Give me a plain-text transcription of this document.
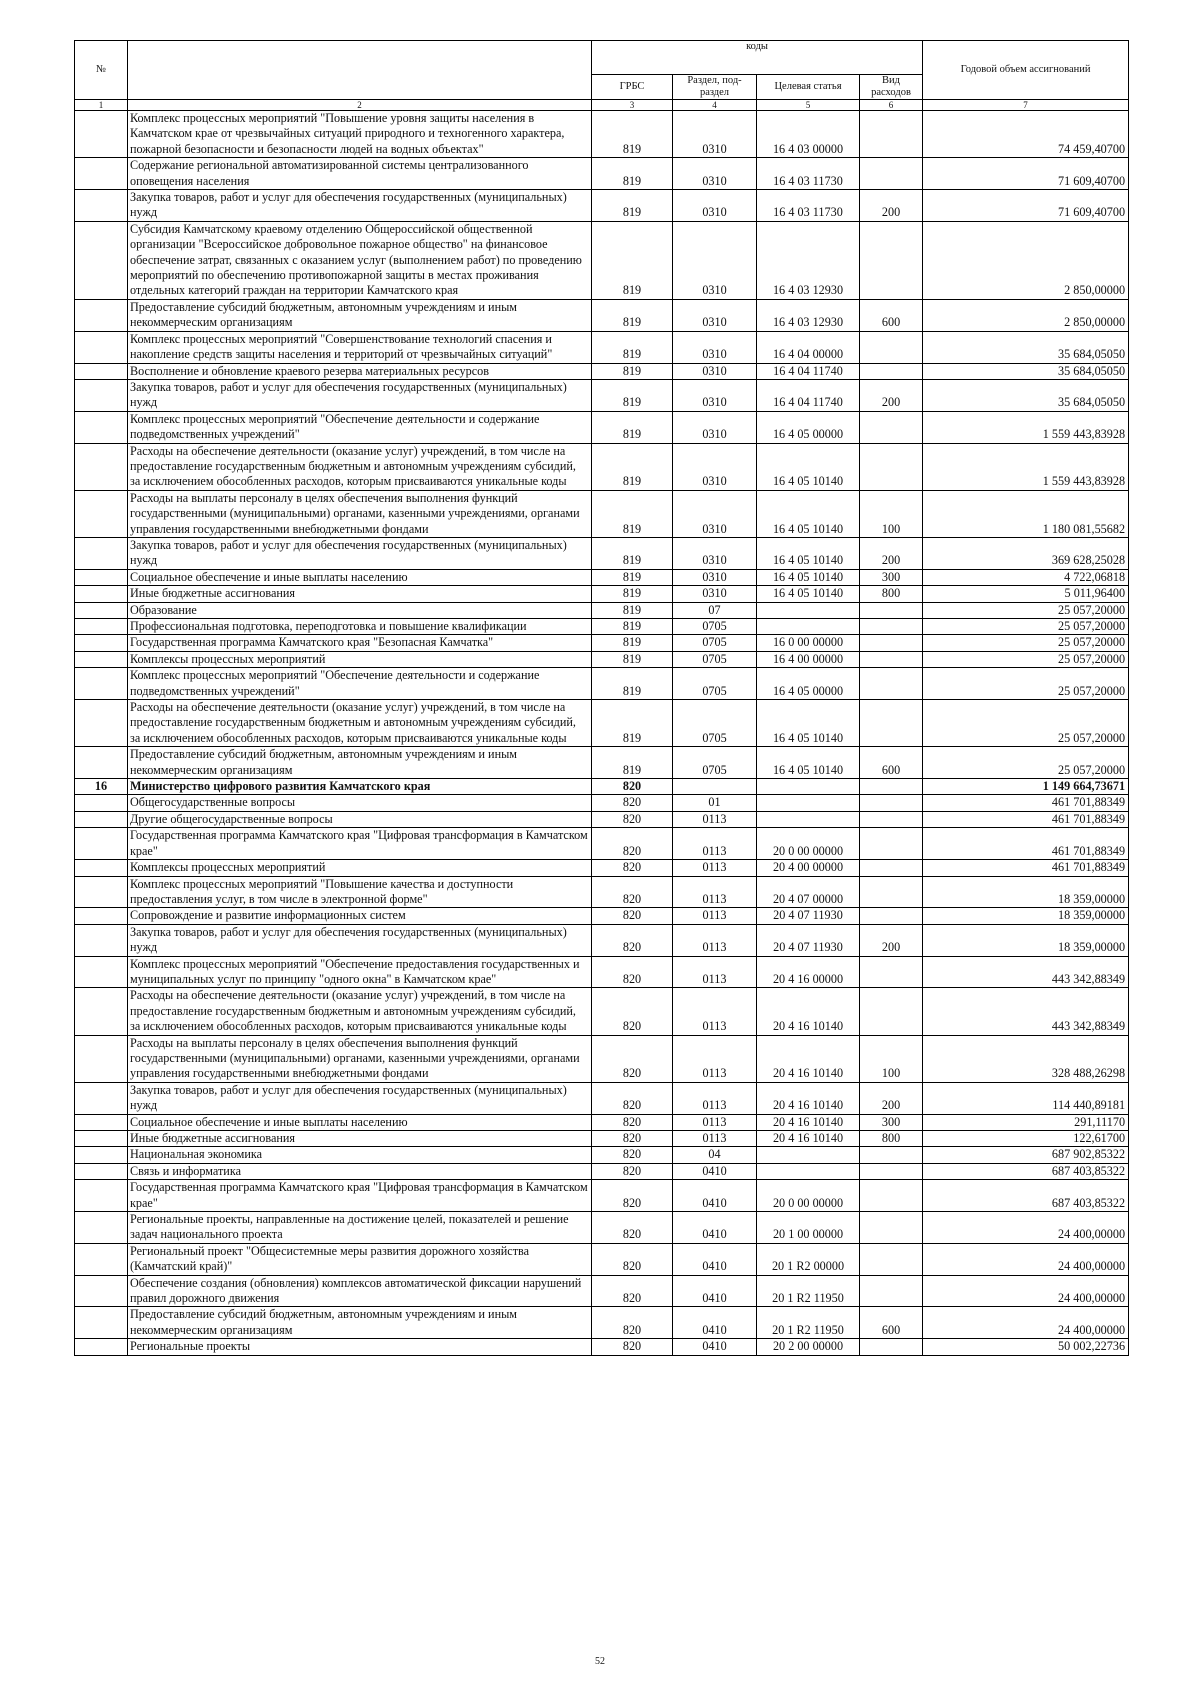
№		коды				Годовой объем ассигнований
		ГРБС	Раздел, под-раздел	Целевая статья	Вид расходов	
1	2	3	4	5	6	7
	Комплекс процессных мероприятий "Повышение уровня защиты населения в Камчатском крае от чрезвычайных ситуаций природного и техногенного характера, пожарной безопасности и безопасности людей на водных объектах"	819	0310	16 4 03 00000		74 459,40700
	Содержание региональной автоматизированной системы централизованного оповещения населения	819	0310	16 4 03 11730		71 609,40700
	Закупка товаров, работ и услуг для обеспечения государственных (муниципальных) нужд	819	0310	16 4 03 11730	200	71 609,40700
	Субсидия Камчатскому краевому отделению Общероссийской общественной организации "Всероссийское добровольное пожарное общество" на финансовое обеспечение затрат, связанных с оказанием услуг (выполнением работ) по проведению мероприятий по обеспечению противопожарной защиты в местах проживания отдельных категорий граждан на территории Камчатского края	819	0310	16 4 03 12930		2 850,00000
	Предоставление субсидий бюджетным, автономным учреждениям и иным некоммерческим организациям	819	0310	16 4 03 12930	600	2 850,00000
	Комплекс процессных мероприятий "Совершенствование технологий спасения и накопление средств защиты населения и территорий от чрезвычайных ситуаций"	819	0310	16 4 04 00000		35 684,05050
	Восполнение и обновление краевого резерва материальных ресурсов	819	0310	16 4 04 11740		35 684,05050
	Закупка товаров, работ и услуг для обеспечения государственных (муниципальных) нужд	819	0310	16 4 04 11740	200	35 684,05050
	Комплекс процессных мероприятий "Обеспечение деятельности и содержание подведомственных учреждений"	819	0310	16 4 05 00000		1 559 443,83928
	Расходы на обеспечение деятельности (оказание услуг) учреждений, в том числе на предоставление государственным бюджетным и автономным учреждениям субсидий, за исключением обособленных расходов, которым присваиваются уникальные коды	819	0310	16 4 05 10140		1 559 443,83928
	Расходы на выплаты персоналу в целях обеспечения выполнения функций государственными (муниципальными) органами, казенными учреждениями, органами управления государственными внебюджетными фондами	819	0310	16 4 05 10140	100	1 180 081,55682
	Закупка товаров, работ и услуг для обеспечения государственных (муниципальных) нужд	819	0310	16 4 05 10140	200	369 628,25028
	Социальное обеспечение и иные выплаты населению	819	0310	16 4 05 10140	300	4 722,06818
	Иные бюджетные ассигнования	819	0310	16 4 05 10140	800	5 011,96400
	Образование	819	07			25 057,20000
	Профессиональная подготовка, переподготовка и повышение квалификации	819	0705			25 057,20000
	Государственная программа Камчатского края "Безопасная Камчатка"	819	0705	16 0 00 00000		25 057,20000
	Комплексы процессных мероприятий	819	0705	16 4 00 00000		25 057,20000
	Комплекс процессных мероприятий "Обеспечение деятельности и содержание подведомственных учреждений"	819	0705	16 4 05 00000		25 057,20000
	Расходы на обеспечение деятельности (оказание услуг) учреждений, в том числе на предоставление государственным бюджетным и автономным учреждениям субсидий, за исключением обособленных расходов, которым присваиваются уникальные коды	819	0705	16 4 05 10140		25 057,20000
	Предоставление субсидий бюджетным, автономным учреждениям и иным некоммерческим организациям	819	0705	16 4 05 10140	600	25 057,20000
16	Министерство цифрового развития Камчатского края	820				1 149 664,73671
	Общегосударственные вопросы	820	01			461 701,88349
	Другие общегосударственные вопросы	820	0113			461 701,88349
	Государственная программа Камчатского края "Цифровая трансформация в Камчатском крае"	820	0113	20 0 00 00000		461 701,88349
	Комплексы процессных мероприятий	820	0113	20 4 00 00000		461 701,88349
	Комплекс процессных мероприятий "Повышение качества и доступности предоставления услуг, в том числе в электронной форме"	820	0113	20 4 07 00000		18 359,00000
	Сопровождение и развитие информационных систем	820	0113	20 4 07 11930		18 359,00000
	Закупка товаров, работ и услуг для обеспечения государственных (муниципальных) нужд	820	0113	20 4 07 11930	200	18 359,00000
	Комплекс процессных мероприятий "Обеспечение предоставления государственных и муниципальных услуг по принципу "одного окна" в Камчатском крае"	820	0113	20 4 16 00000		443 342,88349
	Расходы на обеспечение деятельности (оказание услуг) учреждений, в том числе на предоставление государственным бюджетным и автономным учреждениям субсидий, за исключением обособленных расходов, которым присваиваются уникальные коды	820	0113	20 4 16 10140		443 342,88349
	Расходы на выплаты персоналу в целях обеспечения выполнения функций государственными (муниципальными) органами, казенными учреждениями, органами управления государственными внебюджетными фондами	820	0113	20 4 16 10140	100	328 488,26298
	Закупка товаров, работ и услуг для обеспечения государственных (муниципальных) нужд	820	0113	20 4 16 10140	200	114 440,89181
	Социальное обеспечение и иные выплаты населению	820	0113	20 4 16 10140	300	291,11170
	Иные бюджетные ассигнования	820	0113	20 4 16 10140	800	122,61700
	Национальная экономика	820	04			687 902,85322
	Связь и информатика	820	0410			687 403,85322
	Государственная программа Камчатского края "Цифровая трансформация в Камчатском крае"	820	0410	20 0 00 00000		687 403,85322
	Региональные проекты, направленные на достижение целей, показателей и решение задач национального проекта	820	0410	20 1 00 00000		24 400,00000
	Региональный проект "Общесистемные меры развития дорожного хозяйства (Камчатский край)"	820	0410	20 1 R2 00000		24 400,00000
	Обеспечение создания (обновления) комплексов автоматической фиксации нарушений правил дорожного движения	820	0410	20 1 R2 11950		24 400,00000
	Предоставление субсидий бюджетным, автономным учреждениям и иным некоммерческим организациям	820	0410	20 1 R2 11950	600	24 400,00000
	Региональные проекты	820	0410	20 2 00 00000		50 002,22736
52
